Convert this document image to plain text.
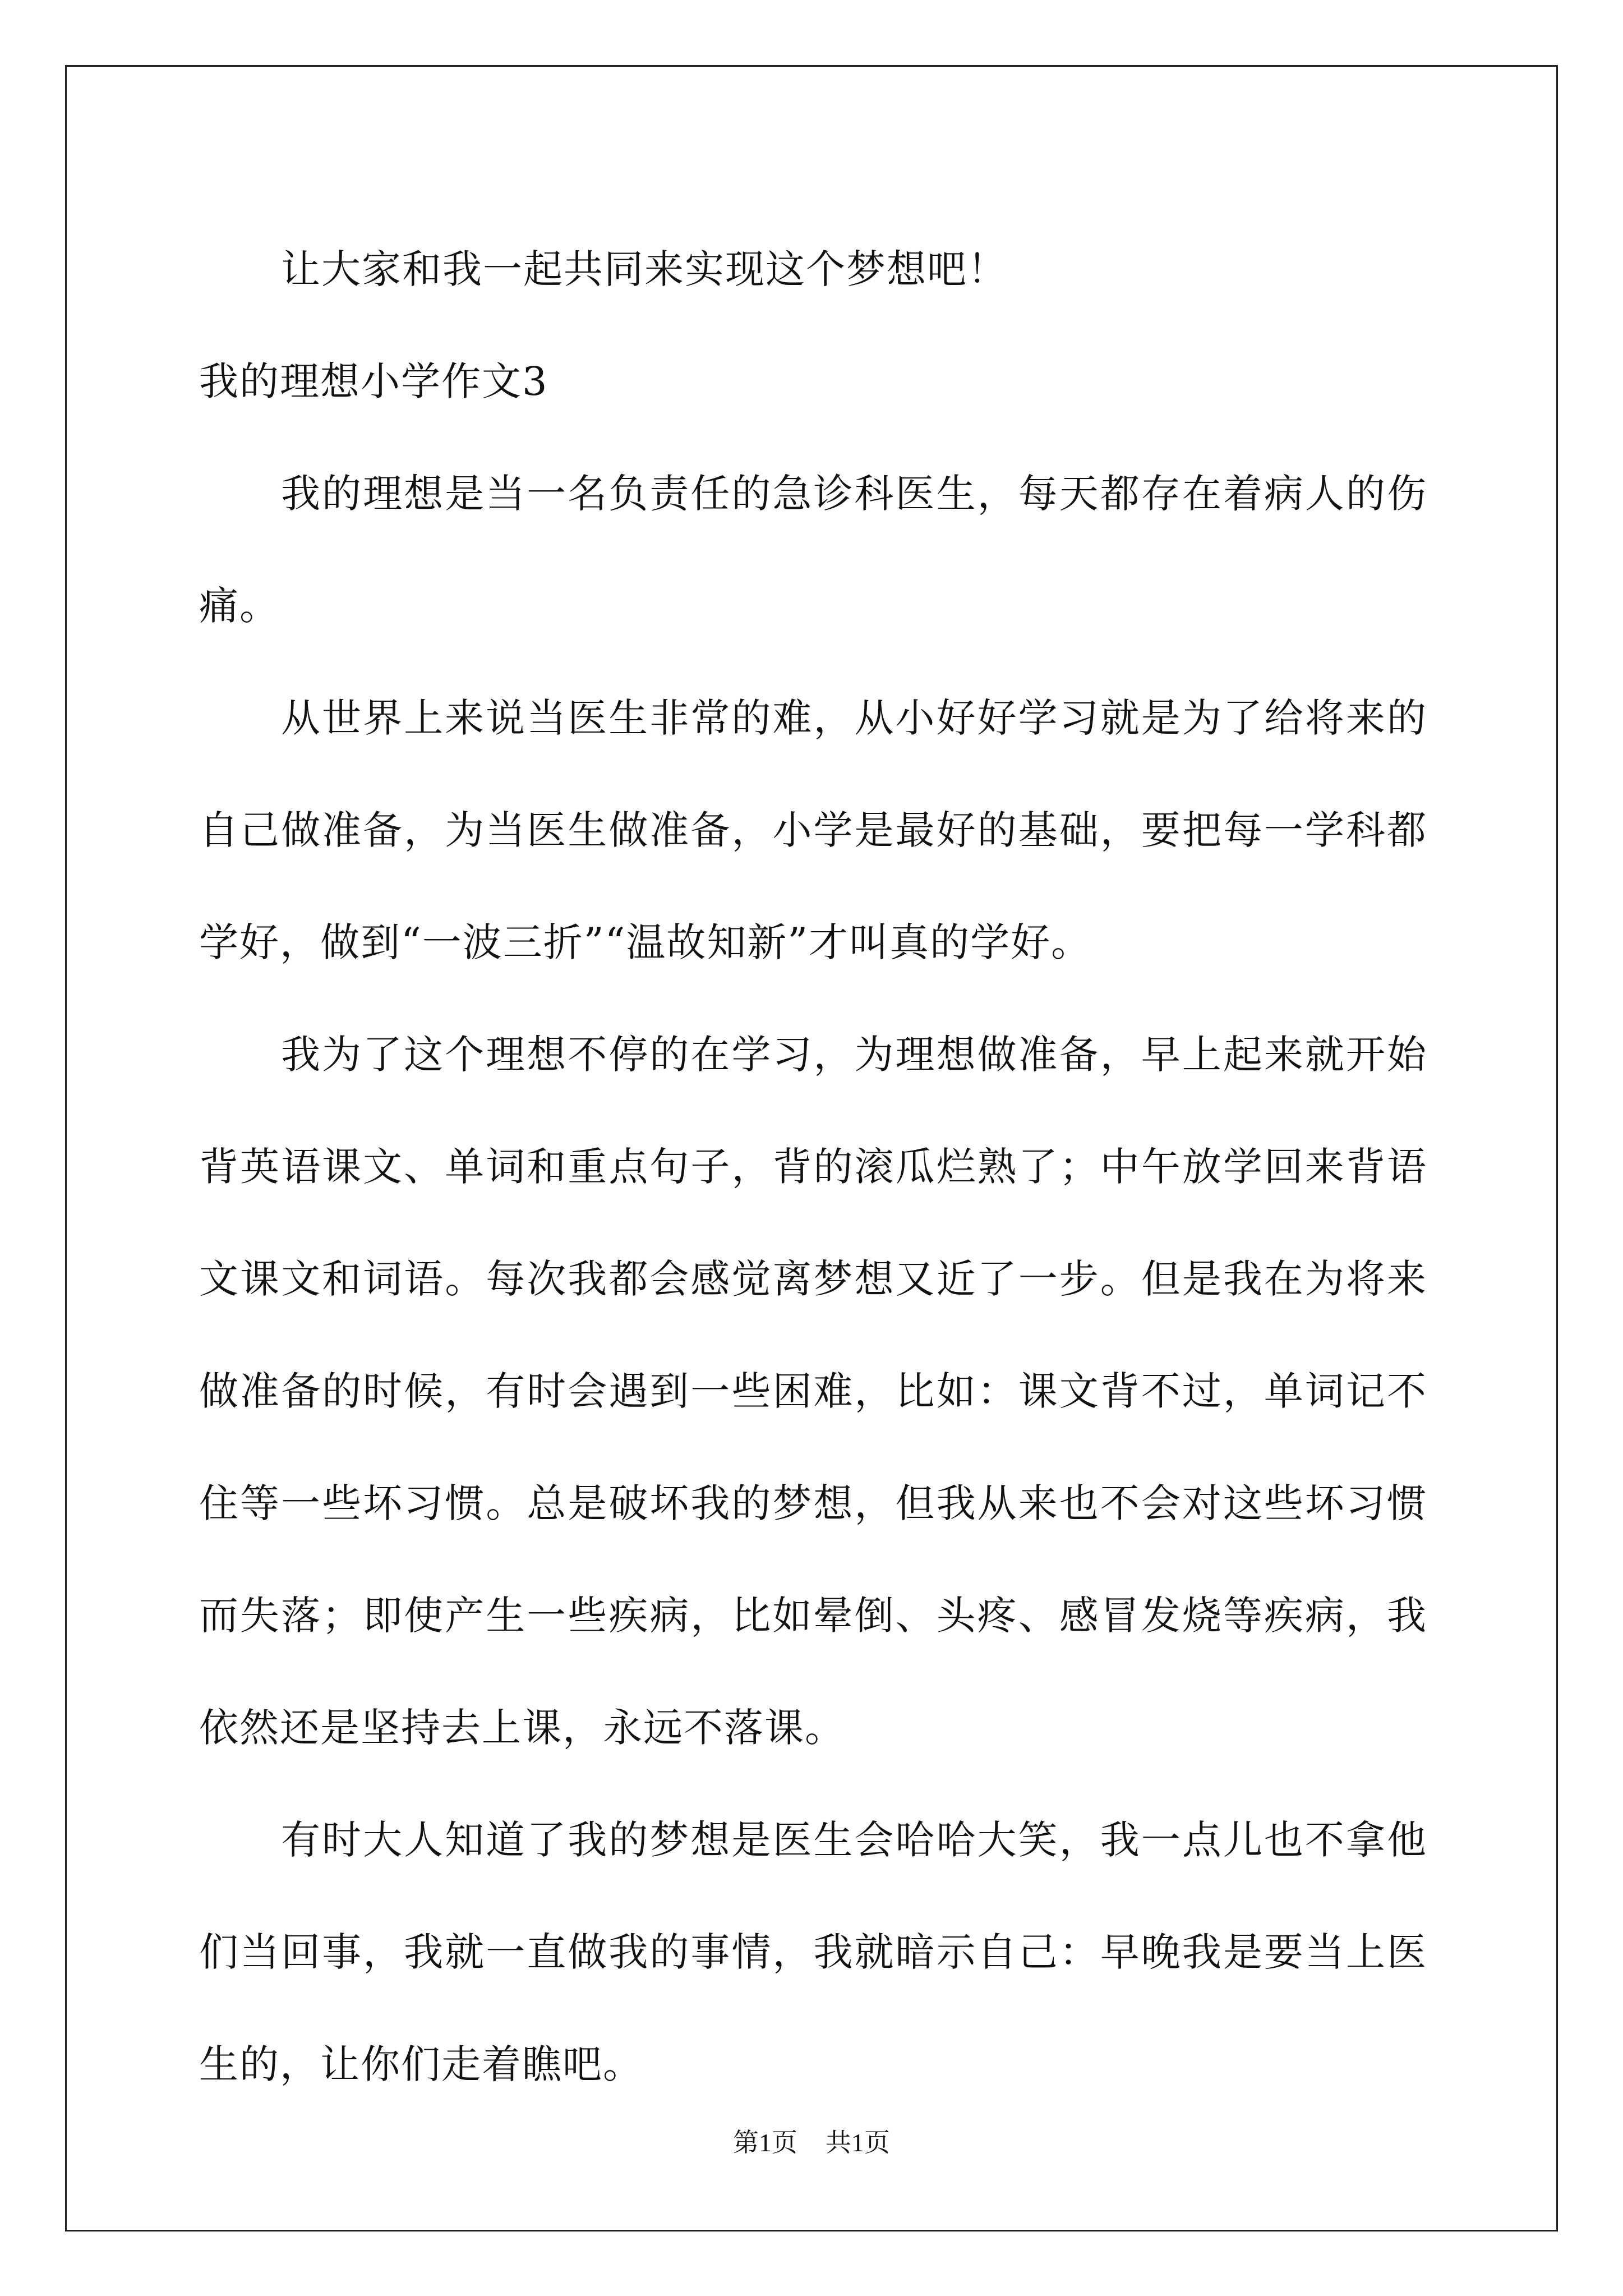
让大家和我一起共同来实现这个梦想吧！

我的理想小学作文3

我的理想是当一名负责任的急诊科医生，每天都存在着病人的伤痛。

从世界上来说当医生非常的难，从小好好学习就是为了给将来的自己做准备，为当医生做准备，小学是最好的基础，要把每一学科都学好，做到“一波三折”“温故知新”才叫真的学好。

我为了这个理想不停的在学习，为理想做准备，早上起来就开始背英语课文、单词和重点句子，背的滚瓜烂熟了；中午放学回来背语文课文和词语。每次我都会感觉离梦想又近了一步。但是我在为将来做准备的时候，有时会遇到一些困难，比如：课文背不过，单词记不住等一些坏习惯。总是破坏我的梦想，但我从来也不会对这些坏习惯而失落；即使产生一些疾病，比如晕倒、头疼、感冒发烧等疾病，我依然还是坚持去上课，永远不落课。

有时大人知道了我的梦想是医生会哈哈大笑，我一点儿也不拿他们当回事，我就一直做我的事情，我就暗示自己：早晚我是要当上医生的，让你们走着瞧吧。

第1页 共1页
